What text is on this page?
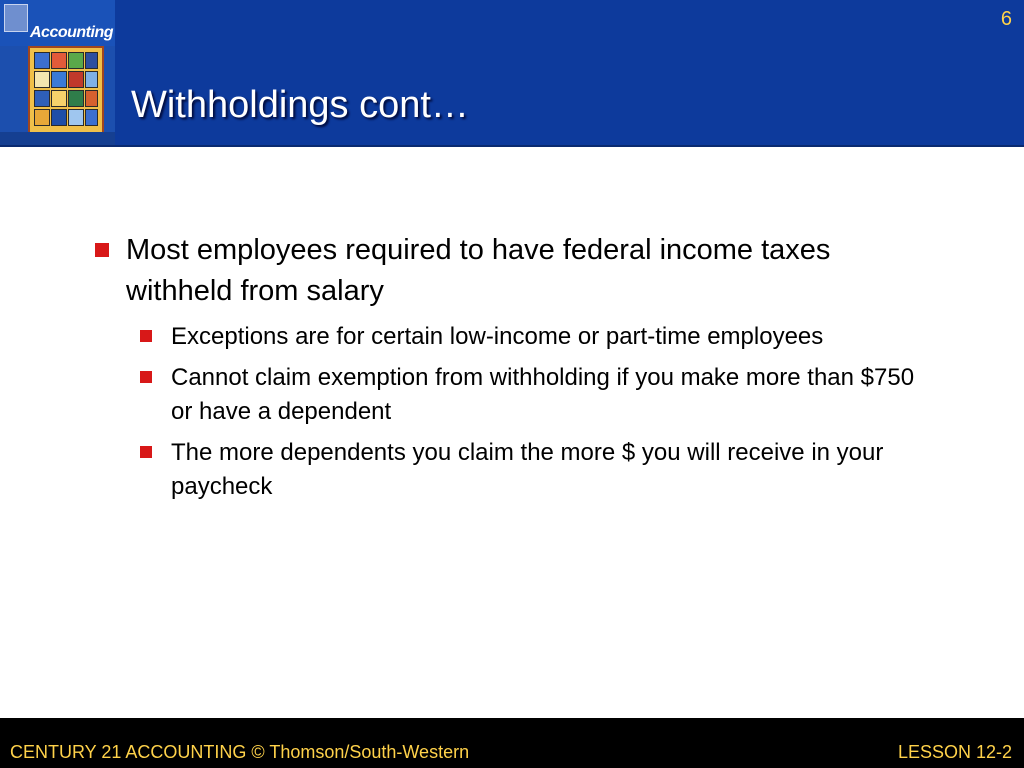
Accounting
6
Withholdings cont…
Most employees required to have federal income taxes withheld from salary
Exceptions are for certain low-income or part-time employees
Cannot claim exemption from withholding if you make more than $750 or have a dependent
The more dependents you claim the more $ you will receive in your paycheck
CENTURY 21 ACCOUNTING © Thomson/South-Western	LESSON 12-2
